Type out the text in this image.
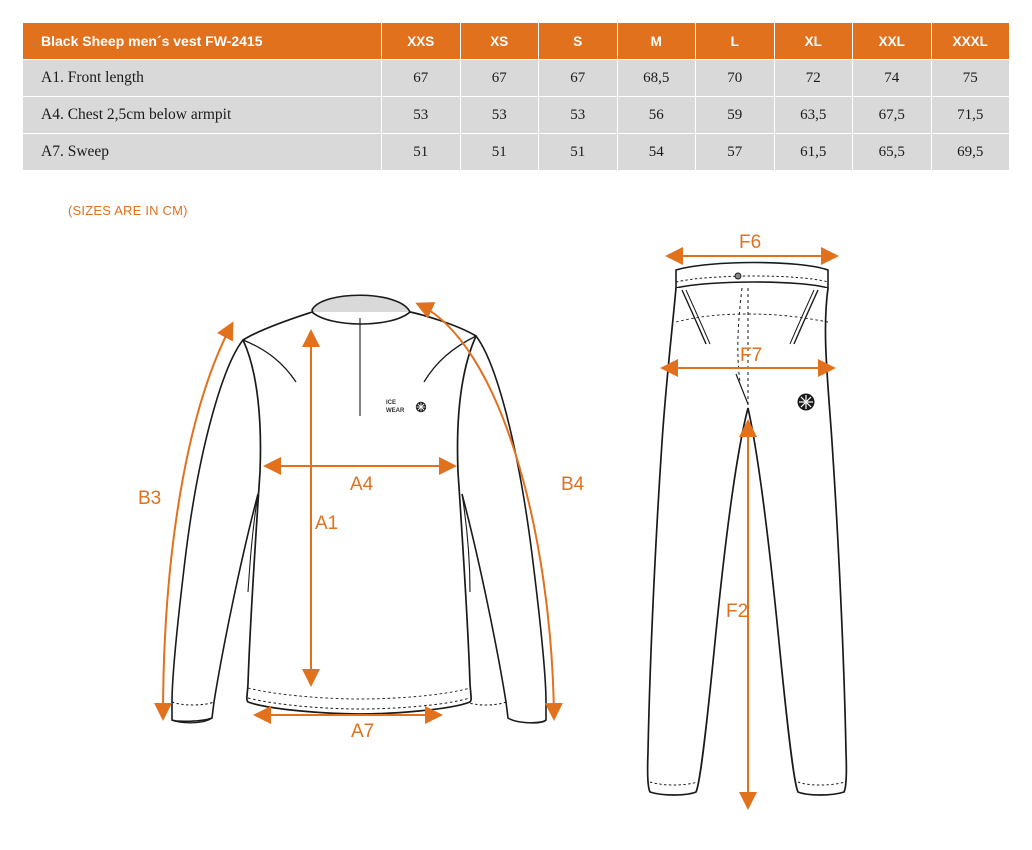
Black Sheep men´s vest FW-2415	XXS	XS	S	M	L	XL	XXL	XXXL
A1. Front length	67	67	67	68,5	70	72	74	75
A4. Chest 2,5cm below armpit	53	53	53	56	59	63,5	67,5	71,5
A7. Sweep	51	51	51	54	57	61,5	65,5	69,5
(SIZES ARE IN CM)
ICE
WEAR
B3
B4
A4
A1
A7
F6
F7
F2
